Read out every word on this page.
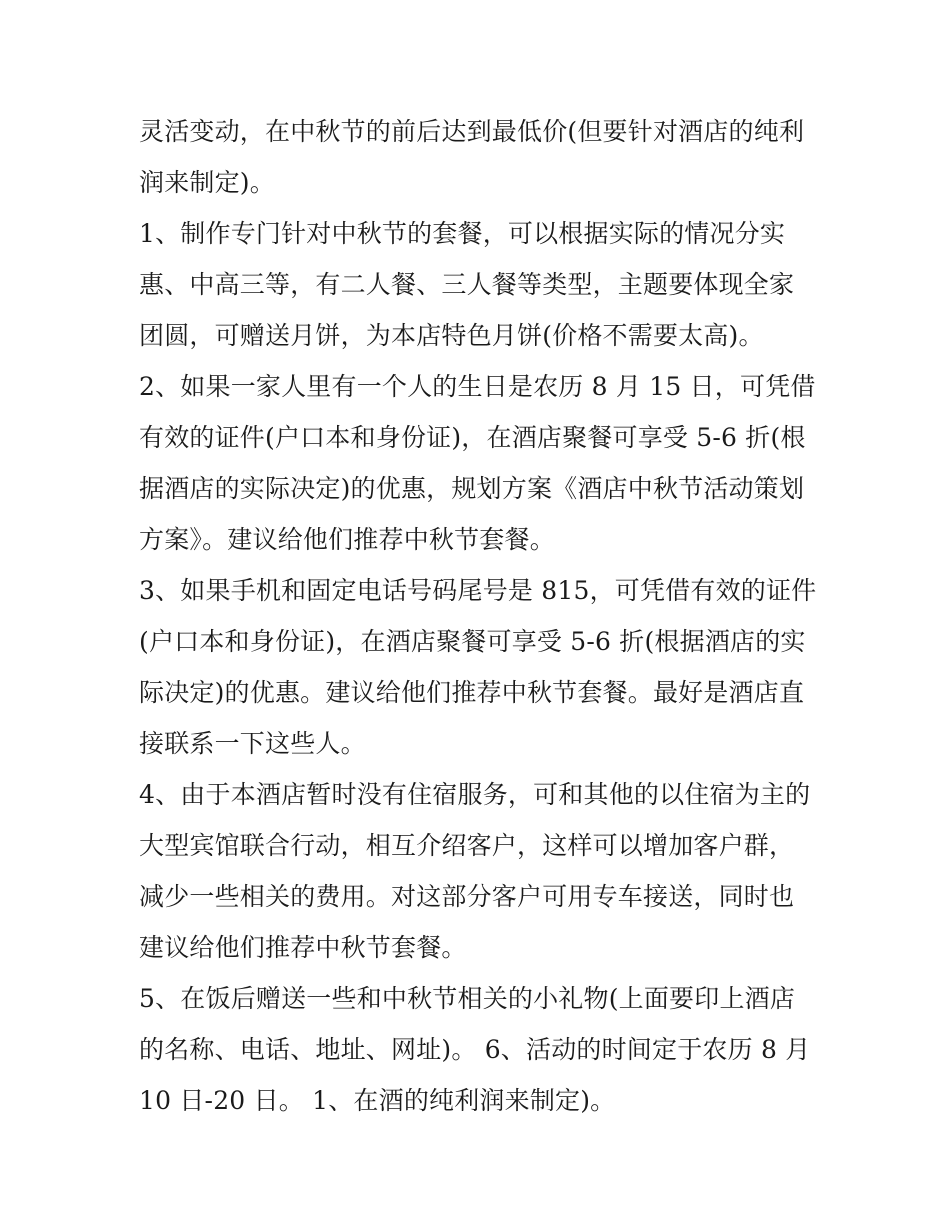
灵活变动，在中秋节的前后达到最低价(但要针对酒店的纯利润来制定)。

1、制作专门针对中秋节的套餐，可以根据实际的情况分实惠、中高三等，有二人餐、三人餐等类型，主题要体现全家团圆，可赠送月饼，为本店特色月饼(价格不需要太高)。

2、如果一家人里有一个人的生日是农历 8 月 15 日，可凭借有效的证件(户口本和身份证)，在酒店聚餐可享受 5-6 折(根据酒店的实际决定)的优惠，规划方案《酒店中秋节活动策划方案》。建议给他们推荐中秋节套餐。

3、如果手机和固定电话号码尾号是 815，可凭借有效的证件(户口本和身份证)，在酒店聚餐可享受 5-6 折(根据酒店的实际决定)的优惠。建议给他们推荐中秋节套餐。最好是酒店直接联系一下这些人。

4、由于本酒店暂时没有住宿服务，可和其他的以住宿为主的大型宾馆联合行动，相互介绍客户，这样可以增加客户群，减少一些相关的费用。对这部分客户可用专车接送，同时也建议给他们推荐中秋节套餐。

5、在饭后赠送一些和中秋节相关的小礼物(上面要印上酒店的名称、电话、地址、网址)。 6、活动的时间定于农历 8 月 10 日-20 日。 1、在酒的纯利润来制定)。
